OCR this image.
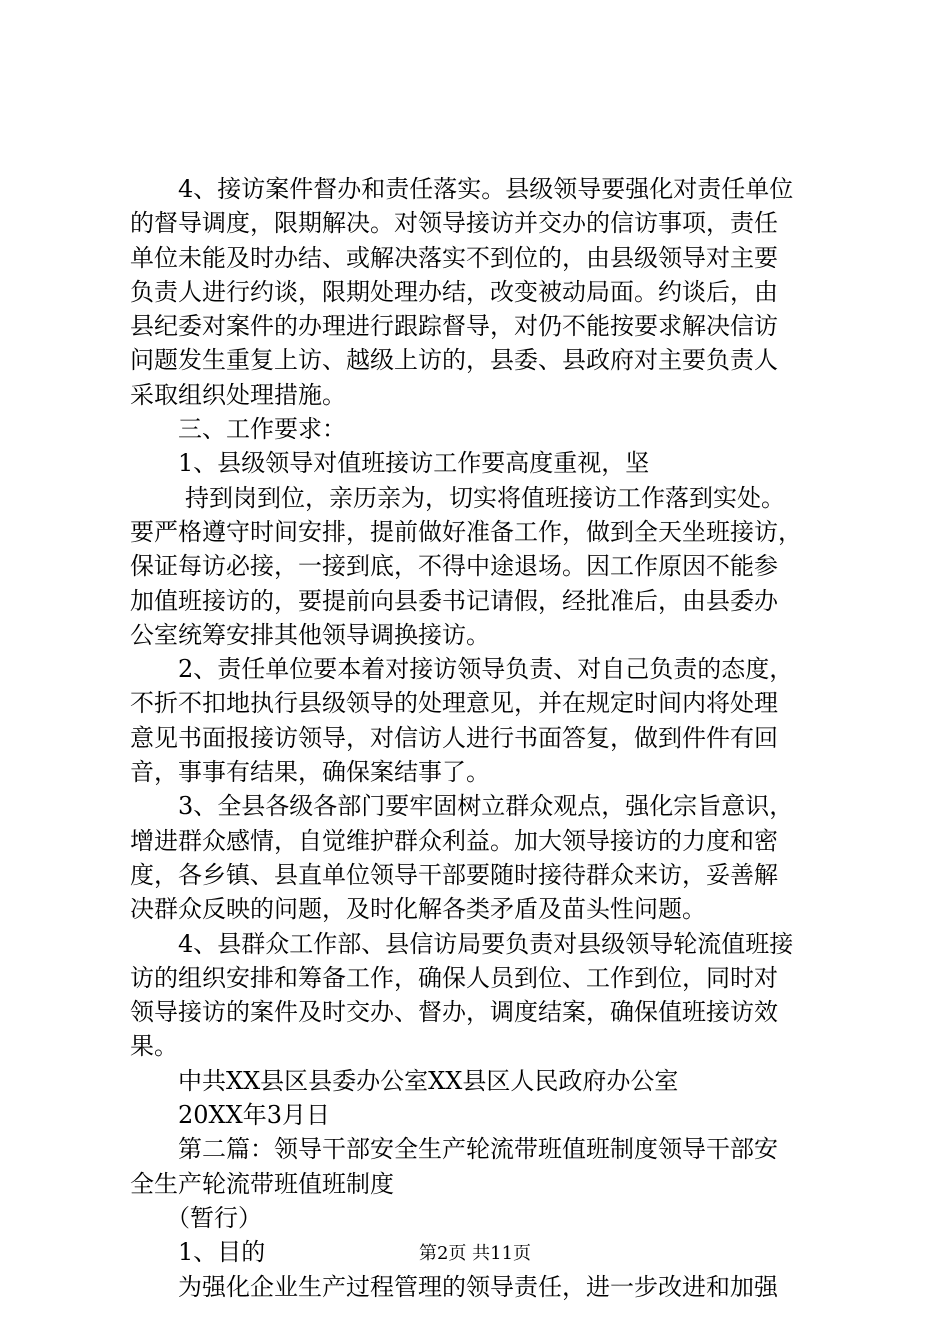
4、接访案件督办和责任落实。县级领导要强化对责任单位

的督导调度，限期解决。对领导接访并交办的信访事项，责任

单位未能及时办结、或解决落实不到位的，由县级领导对主要

负责人进行约谈，限期处理办结，改变被动局面。约谈后，由

县纪委对案件的办理进行跟踪督导，对仍不能按要求解决信访

问题发生重复上访、越级上访的，县委、县政府对主要负责人

采取组织处理措施。

三、工作要求：

1、县级领导对值班接访工作要高度重视，坚

持到岗到位，亲历亲为，切实将值班接访工作落到实处。

要严格遵守时间安排，提前做好准备工作，做到全天坐班接访，

保证每访必接，一接到底，不得中途退场。因工作原因不能参

加值班接访的，要提前向县委书记请假，经批准后，由县委办

公室统筹安排其他领导调换接访。

2、责任单位要本着对接访领导负责、对自己负责的态度，

不折不扣地执行县级领导的处理意见，并在规定时间内将处理

意见书面报接访领导，对信访人进行书面答复，做到件件有回

音，事事有结果，确保案结事了。

3、全县各级各部门要牢固树立群众观点，强化宗旨意识，

增进群众感情，自觉维护群众利益。加大领导接访的力度和密

度，各乡镇、县直单位领导干部要随时接待群众来访，妥善解

决群众反映的问题，及时化解各类矛盾及苗头性问题。

4、县群众工作部、县信访局要负责对县级领导轮流值班接

访的组织安排和筹备工作，确保人员到位、工作到位，同时对

领导接访的案件及时交办、督办，调度结案，确保值班接访效

果。

中共XX县区县委办公室XX县区人民政府办公室

20XX年3月日

第二篇：领导干部安全生产轮流带班值班制度领导干部安

全生产轮流带班值班制度

（暂行）

1、目的

为强化企业生产过程管理的领导责任，进一步改进和加强

第2页 共11页
